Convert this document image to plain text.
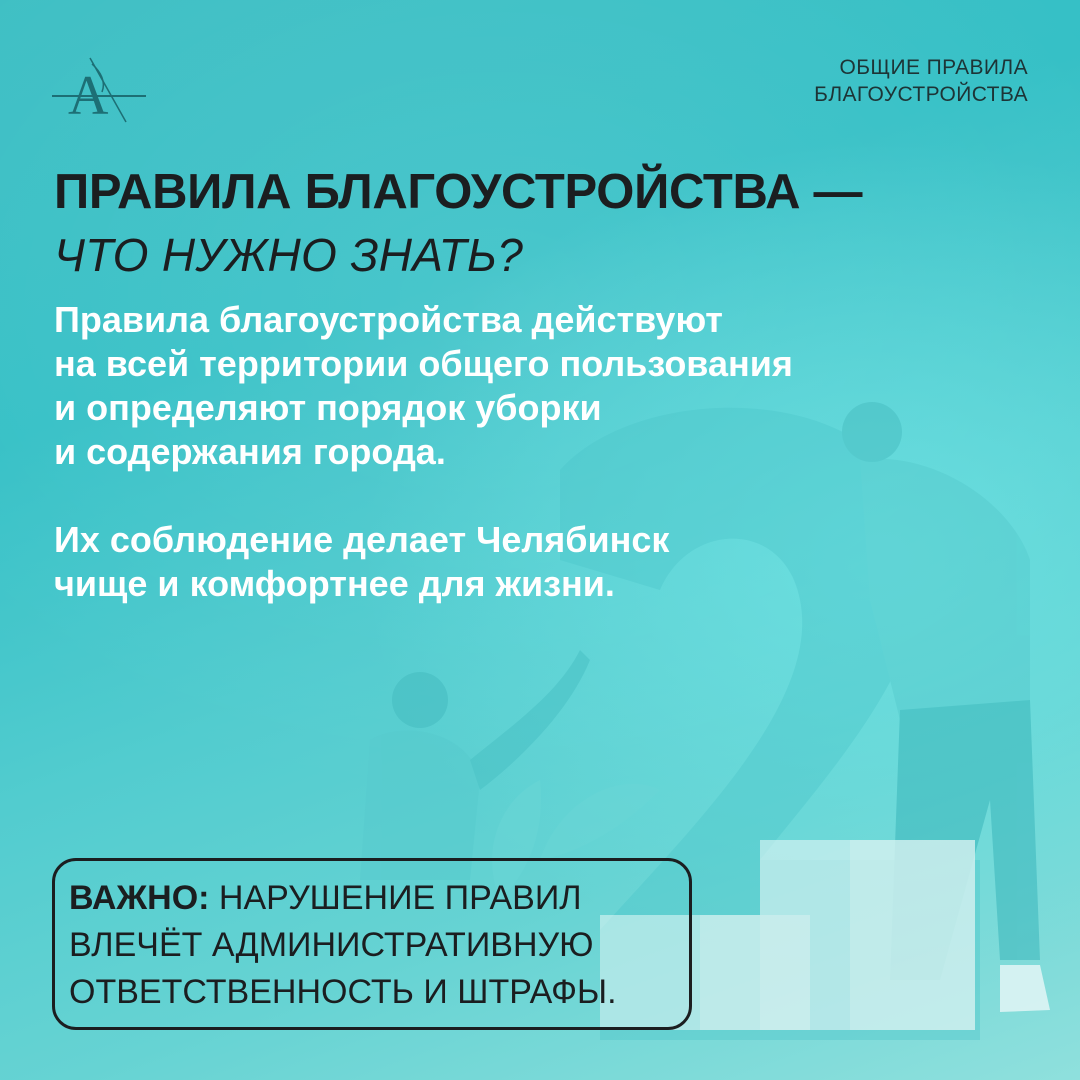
A	ОБЩИЕ ПРАВИЛА
БЛАГОУСТРОЙСТВА
ПРАВИЛА БЛАГОУСТРОЙСТВА —
ЧТО НУЖНО ЗНАТЬ?

Правила благоустройства действуют
на всей территории общего пользования
и определяют порядок уборки
и содержания города.

Их соблюдение делает Челябинск
чище и комфортнее для жизни.

ВАЖНО: НАРУШЕНИЕ ПРАВИЛ
ВЛЕЧЁТ АДМИНИСТРАТИВНУЮ
ОТВЕТСТВЕННОСТЬ И ШТРАФЫ.
